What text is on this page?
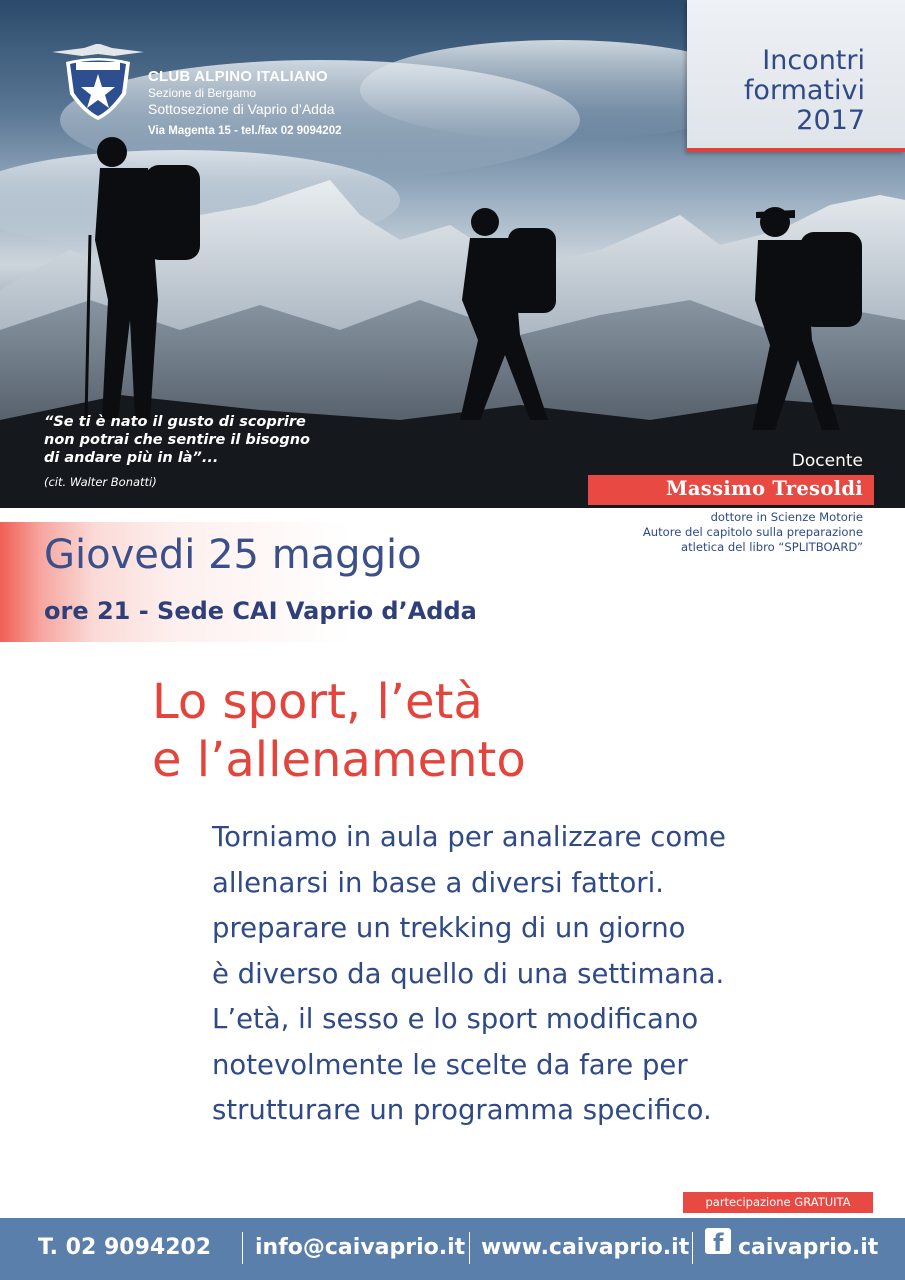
CLUB ALPINO ITALIANO
Sezione di Bergamo
Sottosezione di Vaprio d’Adda
Via Magenta 15 - tel./fax 02 9094202
“Se ti è nato il gusto di scoprire
non potrai che sentire il bisogno
di andare più in là”...
(cit. Walter Bonatti)
Docente
Incontri
formativi
2017
Massimo Tresoldi
dottore in Scienze Motorie
Autore del capitolo sulla preparazione
atletica del libro “SPLITBOARD”
Giovedi 25 maggio
ore 21 - Sede CAI Vaprio d’Adda
Lo sport, l’età
e l’allenamento
Torniamo in aula per analizzare come
allenarsi in base a diversi fattori.
preparare un trekking di un giorno
è diverso da quello di una settimana.
L’età, il sesso e lo sport modificano
notevolmente le scelte da fare per
strutturare un programma specifico.
partecipazione GRATUITA
T. 02 9094202 info@caivaprio.it www.caivaprio.it caivaprio.it
f
